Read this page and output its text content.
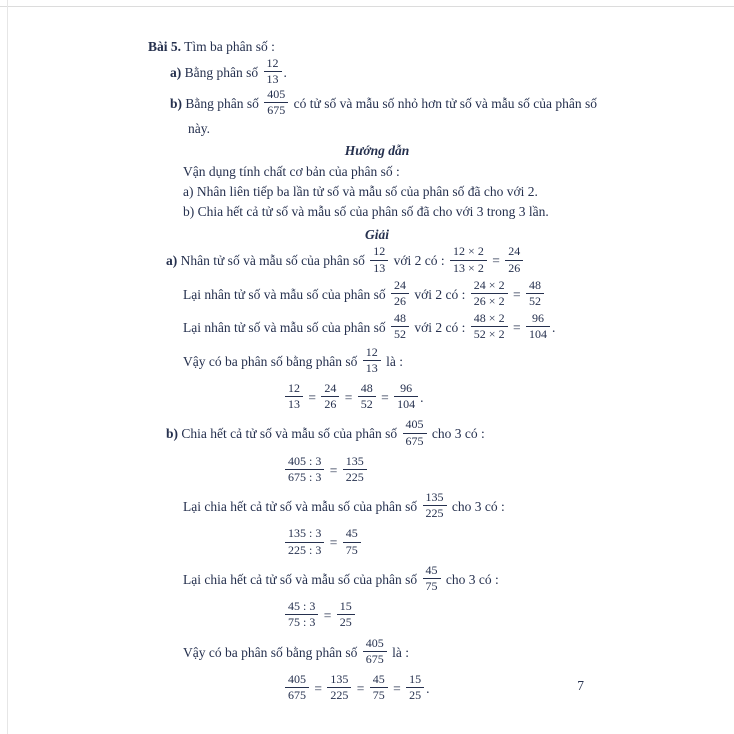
Bài 5. Tìm ba phân số :
a) Bằng phân số $\frac{12}{13}$ .
b) Bằng phân số $\frac{405}{675}$ có tử số và mẫu số nhỏ hơn tử số và mẫu số của phân số này.
Hướng dẫn
Vận dụng tính chất cơ bản của phân số :
a) Nhân liên tiếp ba lần tử số và mẫu số của phân số đã cho với 2.
b) Chia hết cả tử số và mẫu số của phân số đã cho với 3 trong 3 lần.
Giải
a) Nhân tử số và mẫu số của phân số $\frac{12}{13}$ với 2 có : $\frac{12 \times 2}{13 \times 2} = \frac{24}{26}$
Lại nhân tử số và mẫu số của phân số $\frac{24}{26}$ với 2 có : $\frac{24 \times 2}{26 \times 2} = \frac{48}{52}$
Lại nhân tử số và mẫu số của phân số $\frac{48}{52}$ với 2 có : $\frac{48 \times 2}{52 \times 2} = \frac{96}{104}$ .
Vậy có ba phân số bằng phân số $\frac{12}{13}$ là :
$\frac{12}{13} = \frac{24}{26} = \frac{48}{52} = \frac{96}{104}$ .
b) Chia hết cả tử số và mẫu số của phân số $\frac{405}{675}$ cho 3 có :
$\frac{405 : 3}{675 : 3} = \frac{135}{225}$
Lại chia hết cả tử số và mẫu số của phân số $\frac{135}{225}$ cho 3 có :
$\frac{135 : 3}{225 : 3} = \frac{45}{75}$
Lại chia hết cả tử số và mẫu số của phân số $\frac{45}{75}$ cho 3 có :
$\frac{45 : 3}{75 : 3} = \frac{15}{25}$
Vậy có ba phân số bằng phân số $\frac{405}{675}$ là :
$\frac{405}{675} = \frac{135}{225} = \frac{45}{75} = \frac{15}{25}$ .	7
